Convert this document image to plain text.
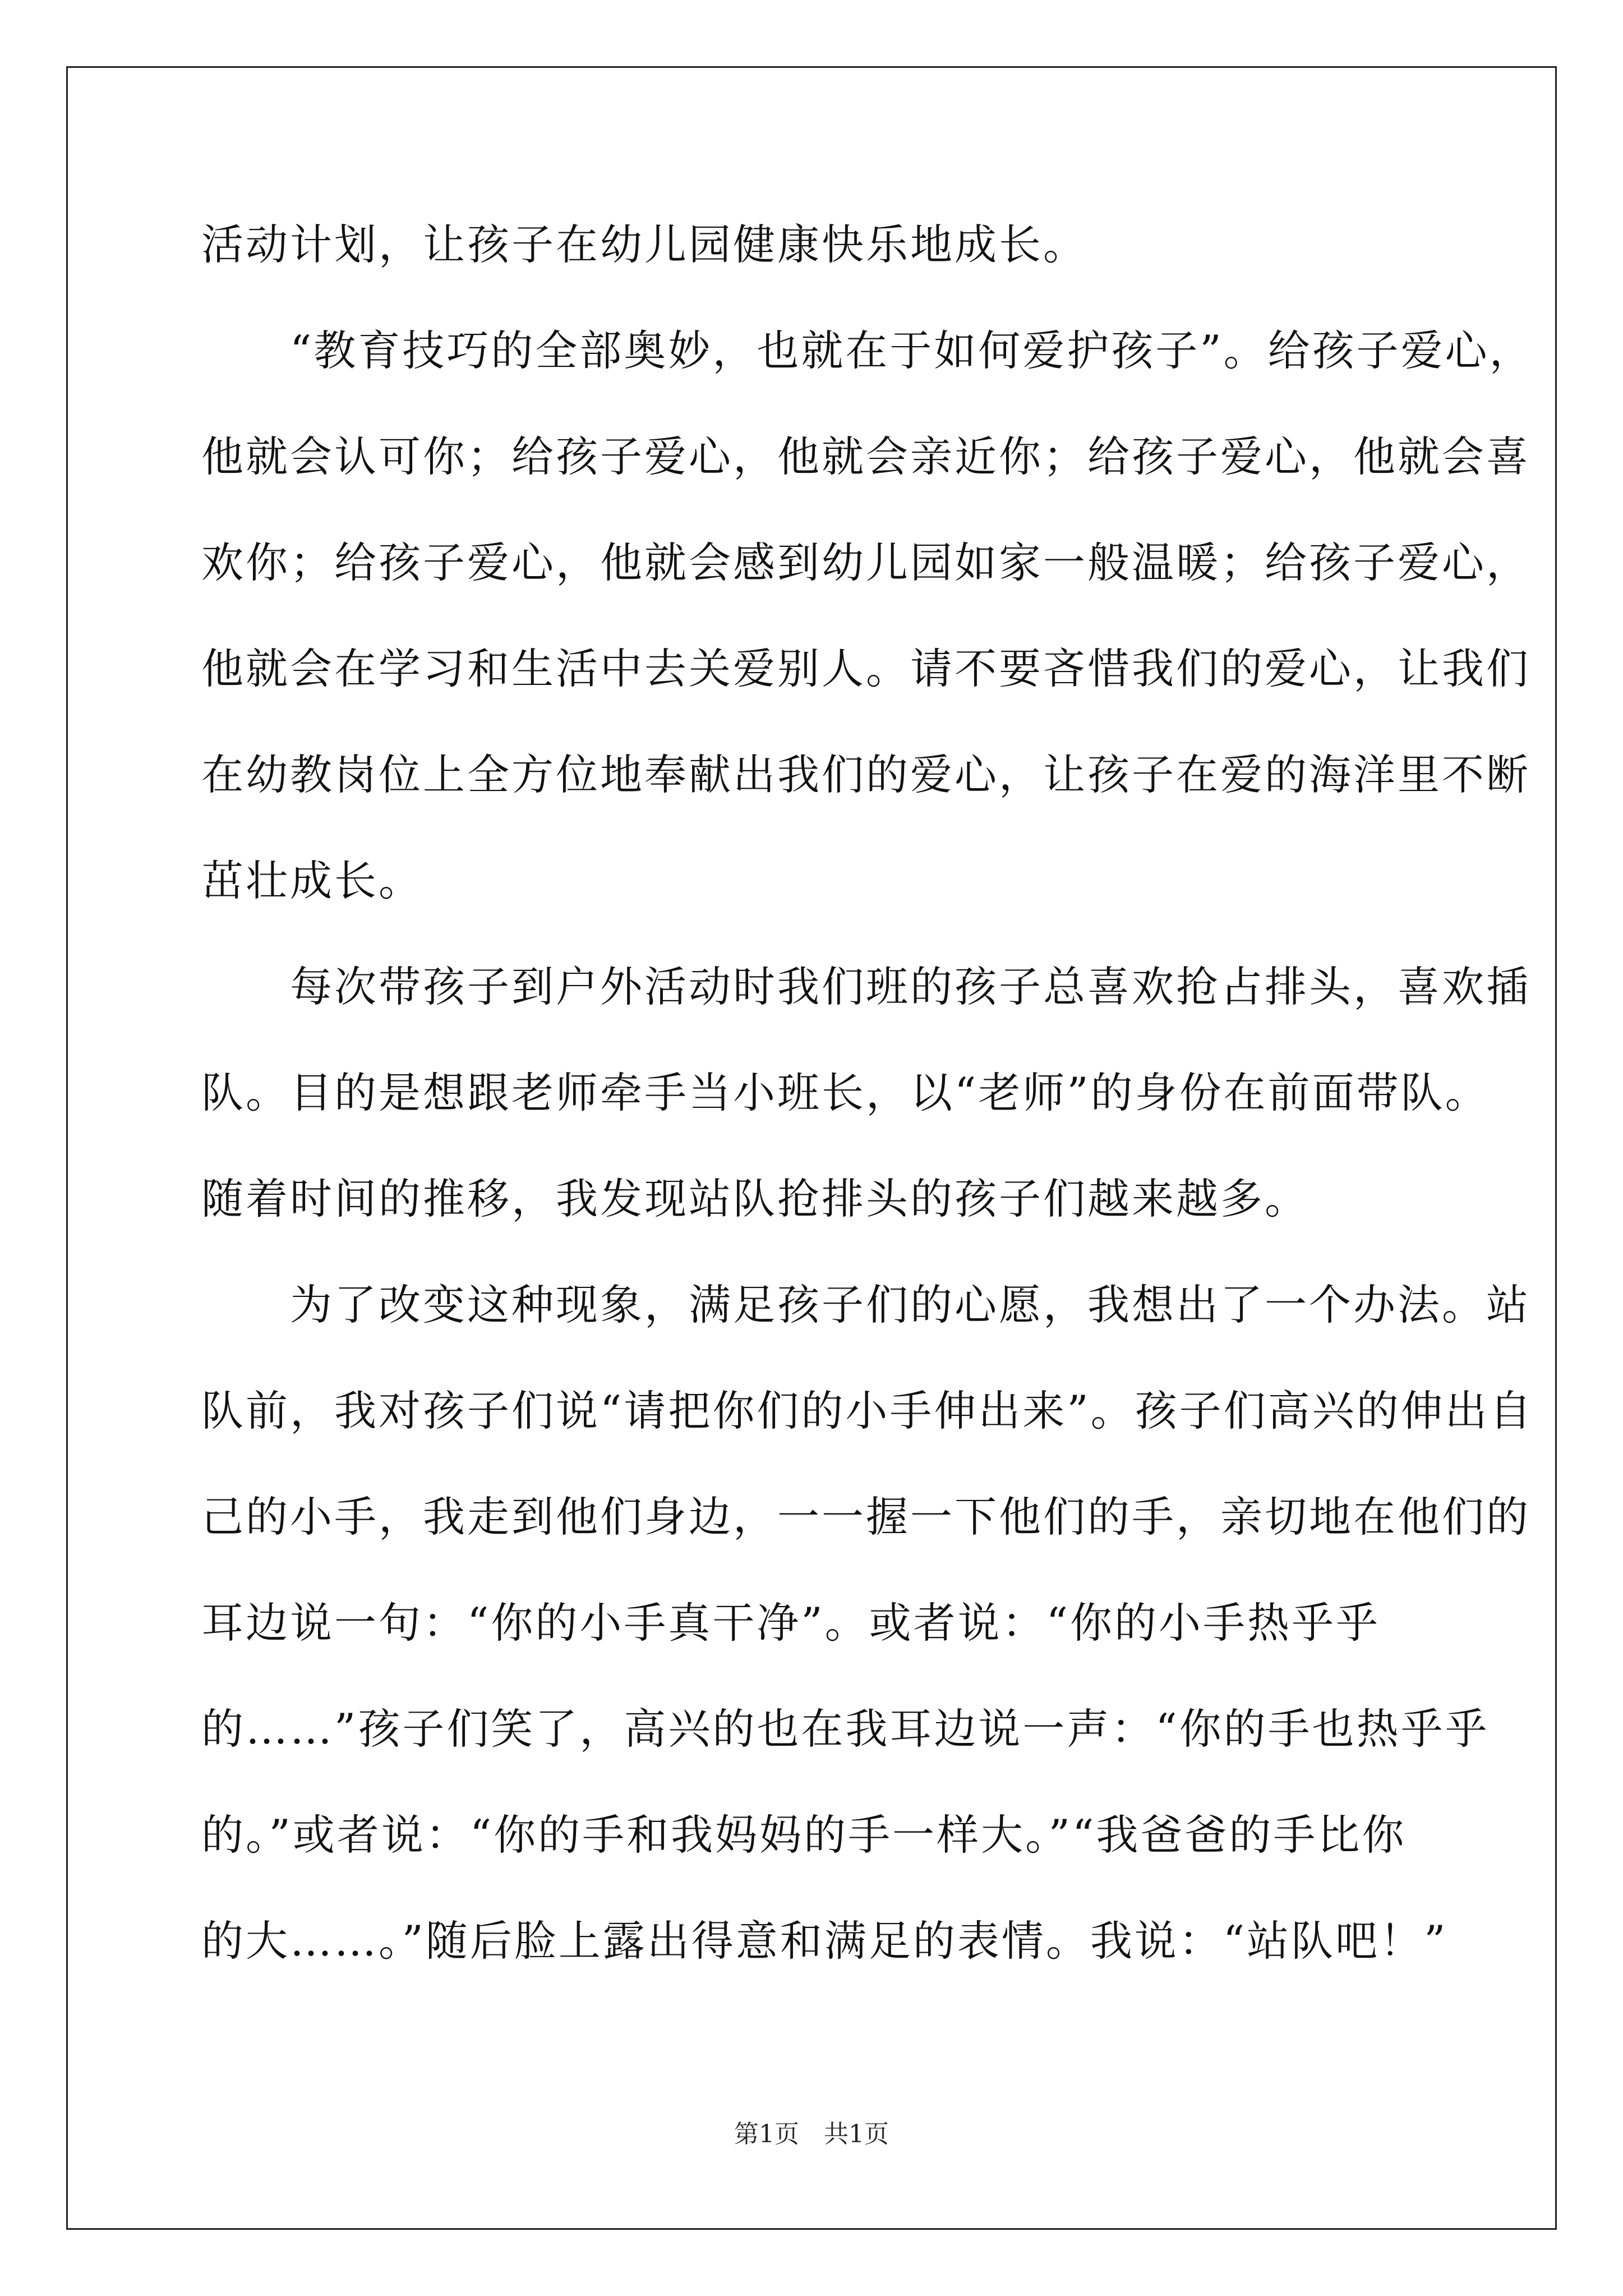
活动计划，让孩子在幼儿园健康快乐地成长。
　　“教育技巧的全部奥妙，也就在于如何爱护孩子”。给孩子爱心，
他就会认可你；给孩子爱心，他就会亲近你；给孩子爱心，他就会喜
欢你；给孩子爱心，他就会感到幼儿园如家一般温暖；给孩子爱心，
他就会在学习和生活中去关爱别人。请不要吝惜我们的爱心，让我们
在幼教岗位上全方位地奉献出我们的爱心，让孩子在爱的海洋里不断
茁壮成长。
　　每次带孩子到户外活动时我们班的孩子总喜欢抢占排头，喜欢插
队。目的是想跟老师牵手当小班长，以“老师”的身份在前面带队。
随着时间的推移，我发现站队抢排头的孩子们越来越多。
　　为了改变这种现象，满足孩子们的心愿，我想出了一个办法。站
队前，我对孩子们说“请把你们的小手伸出来”。孩子们高兴的伸出自
己的小手，我走到他们身边，一一握一下他们的手，亲切地在他们的
耳边说一句：“你的小手真干净”。或者说：“你的小手热乎乎
的……”孩子们笑了，高兴的也在我耳边说一声：“你的手也热乎乎
的。”或者说：“你的手和我妈妈的手一样大。”“我爸爸的手比你
的大……。”随后脸上露出得意和满足的表情。我说：“站队吧！”
第1页　共1页
